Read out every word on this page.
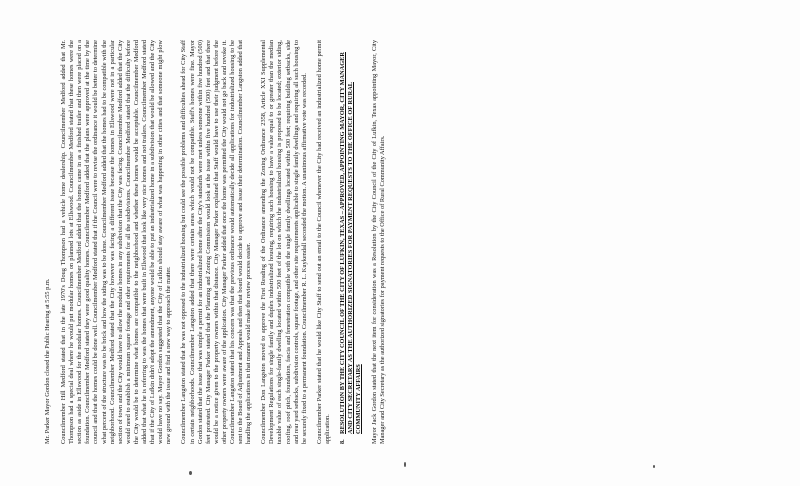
Mr. Parker Mayor Gordon closed the Public Hearing at 5:55 p.m. Councilmember Hill Medford stated that in the late 1970's Doug Thompson had a vehicle home dealership. Councilmember Medford added that Mr. Thompson had a special deal where he would put modular homes on planned lots at Ellswood. Councilmember Medford stated that these homes were the section as aside in Ellswood for the modular homes. Councilmember Medford added that the homes came in as a finished trailer and then were placed on a foundation. Councilmember Medford stated they were good quality homes. Councilmember Medford added that the plans were approved at the time by the council and that the homes could be done well. Councilmember Medford stated that if the Council were to revise the ordinance it would be better to determine what percent of the structure was to be brick and how the siding was to be done. Councilmember Medford added that the homes had to be compatible with the neighborhood. Councilmember Medford stated that the City however was facing a different issue because the homes in Ellswood were not in a particular section of town and the City would have to allow the modular homes in any subdivision that the City was facing. Councilmember Medford added that the City would need to establish a minimum square footage and other requirements for all the subdivisions. Councilmember Medford stated that the difficulty before the City would be to determine what homes are compatible to the neighborhood and whether these homes would be acceptable. Councilmember Medford added that what he is referring to was the homes that were built in Ellswood that look like very nice homes and not trailers. Councilmember Medford stated that if the City of Lufkin didn't adopt the amendment, anyone would be able to put an industrialized home in a subdivision that would be allowed and the City would have no say. Mayor Gordon suggested that the City of Lufkin should stay aware of what was happening in other cities and that someone might plow new ground with the issue and find a new way to approach the matter. Councilmember Langston stated that he was not opposed to the industrialized housing but could see the possible problems and difficulties ahead for City Staff in certain neighborhoods. Councilmember Langston added that there were certain areas which would not be compatible. Staff's homes were fine. Mayor Gordon stated that the issue that was simple a permit for an industrialized home after the City's standards were met unless someone within five hundred (500) feet protested. City Manager Parker stated that the Planning and Zoning Commission would look at the issue within five hundred (500) feet and that there would be a notice given to the property owners within that distance. City Manager Parker explained that Staff would have to use their judgment before the other property owners were aware of the application. City Manager Parker added that once the home was permitted the City would not go back and revoke it. Councilmember Langston stated that his concern was that the previous ordinance would automatically decide all applications for industrialized housing to be sent to the Board of Adjustment and Appeals and then that board would decide to approve and issue their determination. Councilmember Langston added that handling the applications in that manner would make the review process easier. Councilmember Don Langston moved to approve the First Reading of the Ordinance amending the Zoning Ordinance 2358, Article XXI Supplemental Development Regulations for single family and duplex industrialized housing, requiring such housing to have a value equal to or greater than the median taxable value of each single-family dwelling located within 500 feet of the lot on which the industrialized housing is proposed to be located; exterior siding, roofing, roof pitch, foundation, fascia and fenestration compatible with the single family dwellings located within 500 feet; requiring building setbacks, side and rear yard setbacks, subdivision controls, square footage, and other site requirements applicable to single family dwellings and requiring all such housing to be securely fixed to a permanent foundation. Councilmember R. L. Kuykendall seconded the motion. A unanimous affirmative vote was recorded. Councilmember Parker stated that he would like City Staff to send out an email to the Council whenever the City had received an industrialized home permit application. 8.
RESOLUTION BY THE CITY COUNCIL OF THE CITY OF LUFKIN, TEXAS – APPROVED, APPOINTING MAYOR, CITY MANAGER AND CITY SECRETARY AS THE AUTHORIZED SIGNATORIES FOR PAYMENT REQUESTS TO THE OFFICE OF RURAL COMMUNITY AFFAIRS Mayor Jack Gordon stated that the next item for consideration was a Resolution by the City Council of the City of Lufkin, Texas appointing Mayor, City Manager and City Secretary as the authorized signatories for payment requests to the Office of Rural Community Affairs.
